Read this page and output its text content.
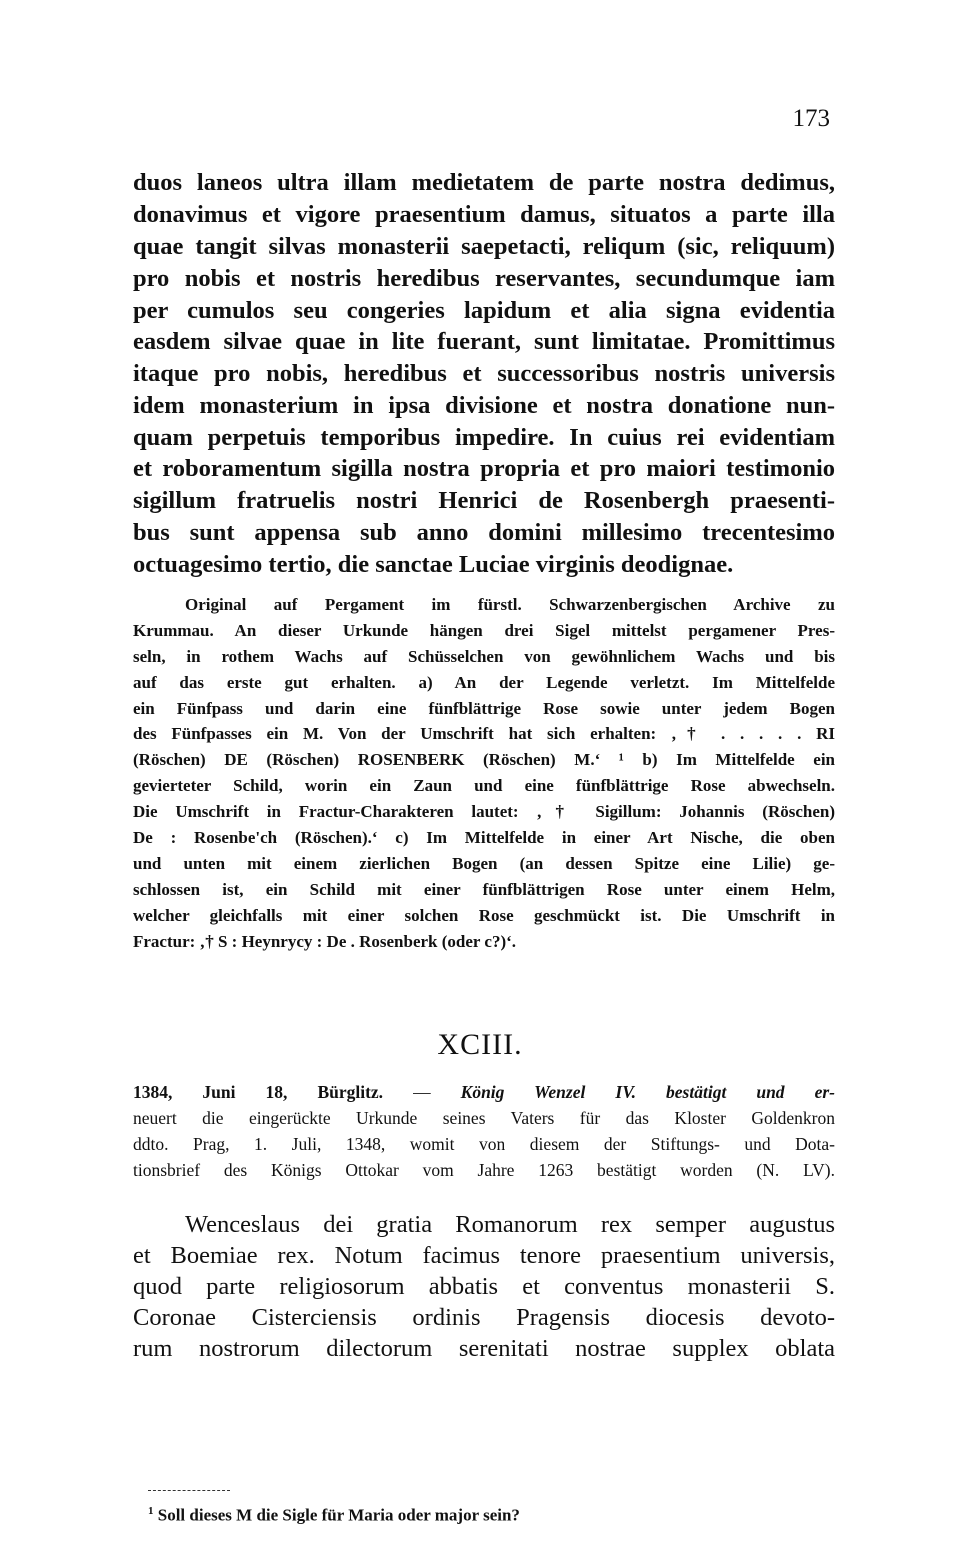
173
duos laneos ultra illam medietatem de parte nostra dedimus,
donavimus et vigore praesentium damus, situatos a parte illa
quae tangit silvas monasterii saepetacti, reliqum (sic, reliquum)
pro nobis et nostris heredibus reservantes, secundumque iam
per cumulos seu congeries lapidum et alia signa evidentia
easdem silvae quae in lite fuerant, sunt limitatae. Promittimus
itaque pro nobis, heredibus et successoribus nostris universis
idem monasterium in ipsa divisione et nostra donatione nun-
quam perpetuis temporibus impedire. In cuius rei evidentiam
et roboramentum sigilla nostra propria et pro maiori testimonio
sigillum fratruelis nostri Henrici de Rosenbergh praesenti-
bus sunt appensa sub anno domini millesimo trecentesimo
octuagesimo tertio, die sanctae Luciae virginis deodignae.
Original auf Pergament im fürstl. Schwarzenbergischen Archive zu
Krummau. An dieser Urkunde hängen drei Sigel mittelst pergamener Pres-
seln, in rothem Wachs auf Schüsselchen von gewöhnlichem Wachs und bis
auf das erste gut erhalten. a) An der Legende verletzt. Im Mittelfelde
ein Fünfpass und darin eine fünfblättrige Rose sowie unter jedem Bogen
des Fünfpasses ein M. Von der Umschrift hat sich erhalten: ‚† . . . . . RI
(Röschen) DE (Röschen) ROSENBERK (Röschen) M.‘ ¹ b) Im Mittelfelde ein
gevierteter Schild, worin ein Zaun und eine fünfblättrige Rose abwechseln.
Die Umschrift in Fractur-Charakteren lautet: ‚† Sigillum: Johannis (Röschen)
De : Rosenbe'ch (Röschen).‘ c) Im Mittelfelde in einer Art Nische, die oben
und unten mit einem zierlichen Bogen (an dessen Spitze eine Lilie) ge-
schlossen ist, ein Schild mit einer fünfblättrigen Rose unter einem Helm,
welcher gleichfalls mit einer solchen Rose geschmückt ist. Die Umschrift in
Fractur: ‚† S : Heynrycy : De . Rosenberk (oder c?)‘.
XCIII.
1384, Juni 18, Bürglitz. — König Wenzel IV. bestätigt und er-
neuert die eingerückte Urkunde seines Vaters für das Kloster Goldenkron
ddto. Prag, 1. Juli, 1348, womit von diesem der Stiftungs- und Dota-
tionsbrief des Königs Ottokar vom Jahre 1263 bestätigt worden (N. LV).
Wenceslaus dei gratia Romanorum rex semper augustus
et Boemiae rex. Notum facimus tenore praesentium universis,
quod parte religiosorum abbatis et conventus monasterii S.
Coronae Cisterciensis ordinis Pragensis diocesis devoto-
rum nostrorum dilectorum serenitati nostrae supplex oblata
$^1$ Soll dieses M die Sigle für Maria oder major sein?
